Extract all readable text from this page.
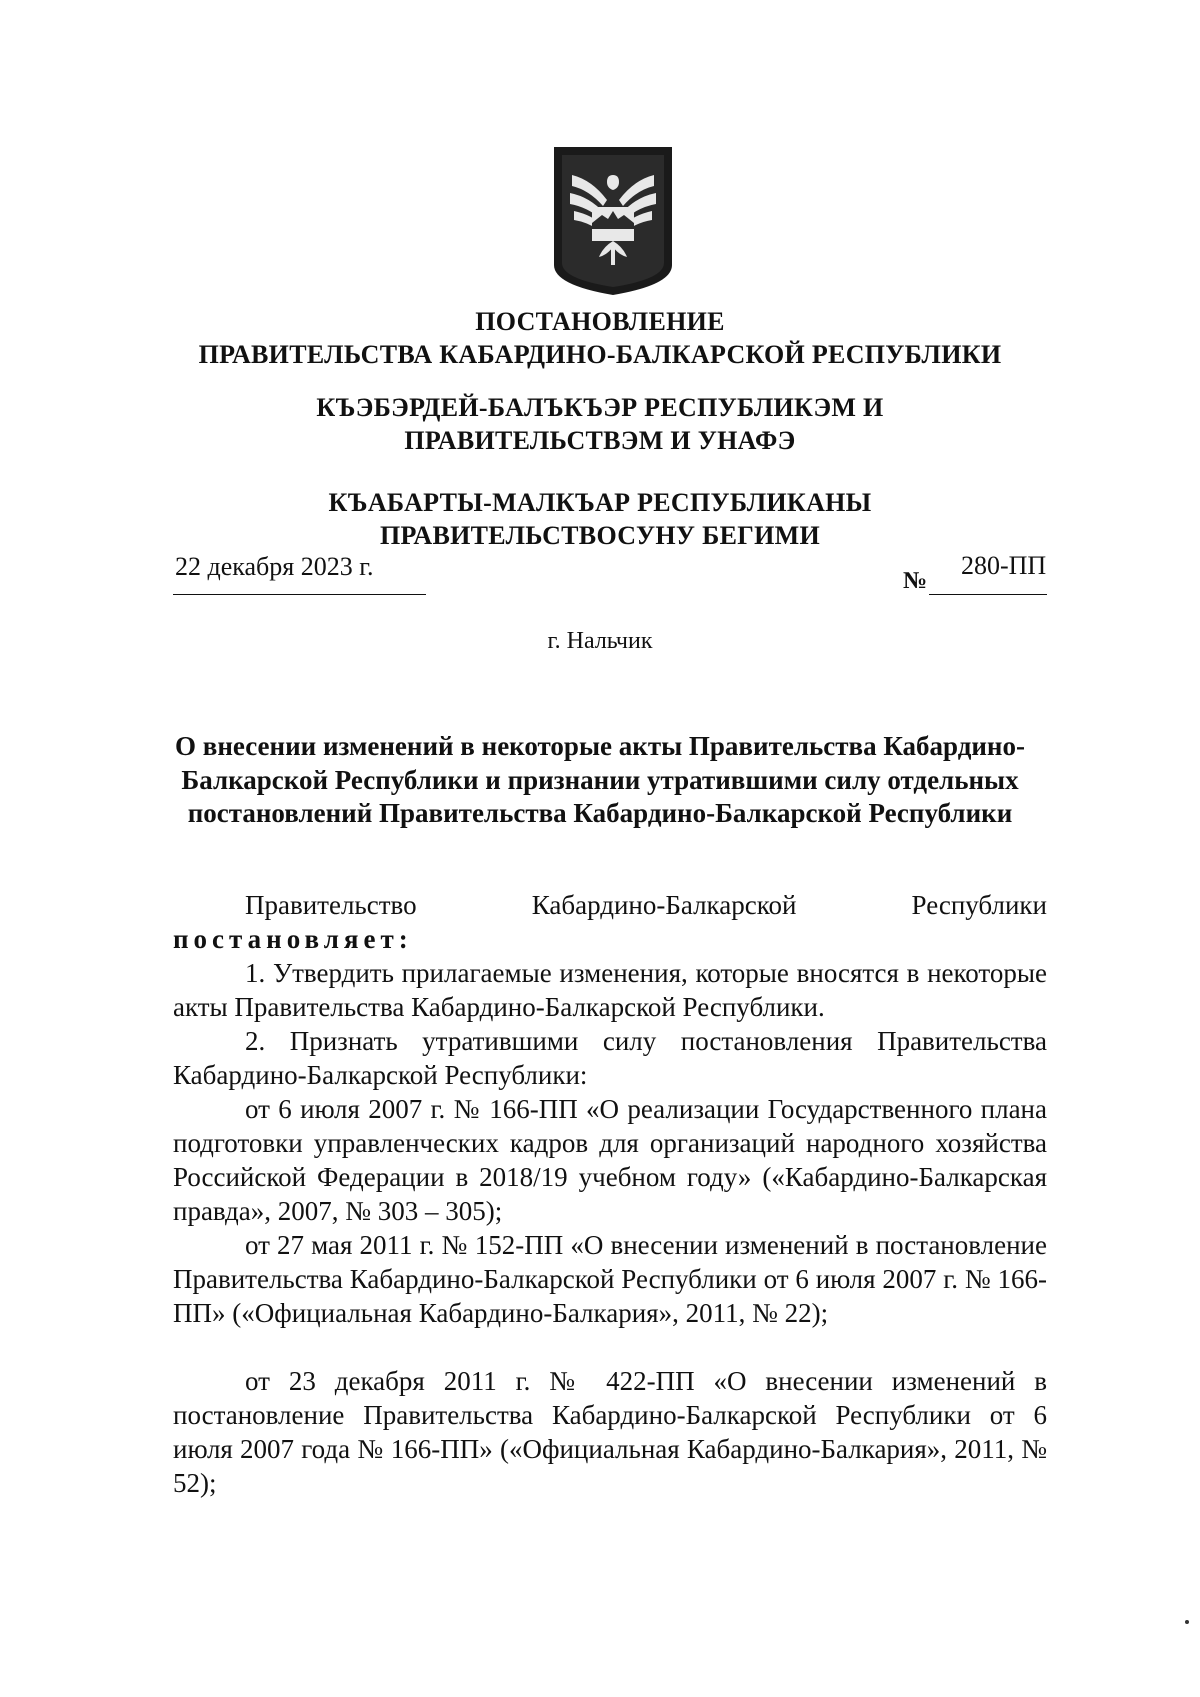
ПОСТАНОВЛЕНИЕ
ПРАВИТЕЛЬСТВА КАБАРДИНО-БАЛКАРСКОЙ РЕСПУБЛИКИ
КЪЭБЭРДЕЙ-БАЛЪКЪЭР РЕСПУБЛИКЭМ И ПРАВИТЕЛЬСТВЭМ И УНАФЭ
КЪАБАРТЫ-МАЛКЪАР РЕСПУБЛИКАНЫ ПРАВИТЕЛЬСТВОСУНУ БЕГИМИ
22 декабря 2023 г.	№
280-ПП
г. Нальчик
О внесении изменений в некоторые акты Правительства Кабардино-Балкарской Республики и признании утратившими силу отдельных постановлений Правительства Кабардино-Балкарской Республики
Правительство	Кабардино-Балкарской	Республики
постановляет:
1. Утвердить прилагаемые изменения, которые вносятся в некоторые акты Правительства Кабардино-Балкарской Республики.
2. Признать утратившими силу постановления Правительства Кабардино-Балкарской Республики:
от 6 июля 2007 г. № 166-ПП «О реализации Государственного плана подготовки управленческих кадров для организаций народного хозяйства Российской Федерации в 2018/19 учебном году» («Кабардино-Балкарская правда», 2007, № 303 – 305);
от 27 мая 2011 г. № 152-ПП «О внесении изменений в постановление Правительства Кабардино-Балкарской Республики от 6 июля 2007 г. № 166-ПП» («Официальная Кабардино-Балкария», 2011, № 22);
от 23 декабря 2011 г. № 422-ПП «О внесении изменений в постановление Правительства Кабардино-Балкарской Республики от 6 июля 2007 года № 166-ПП» («Официальная Кабардино-Балкария», 2011, № 52);
